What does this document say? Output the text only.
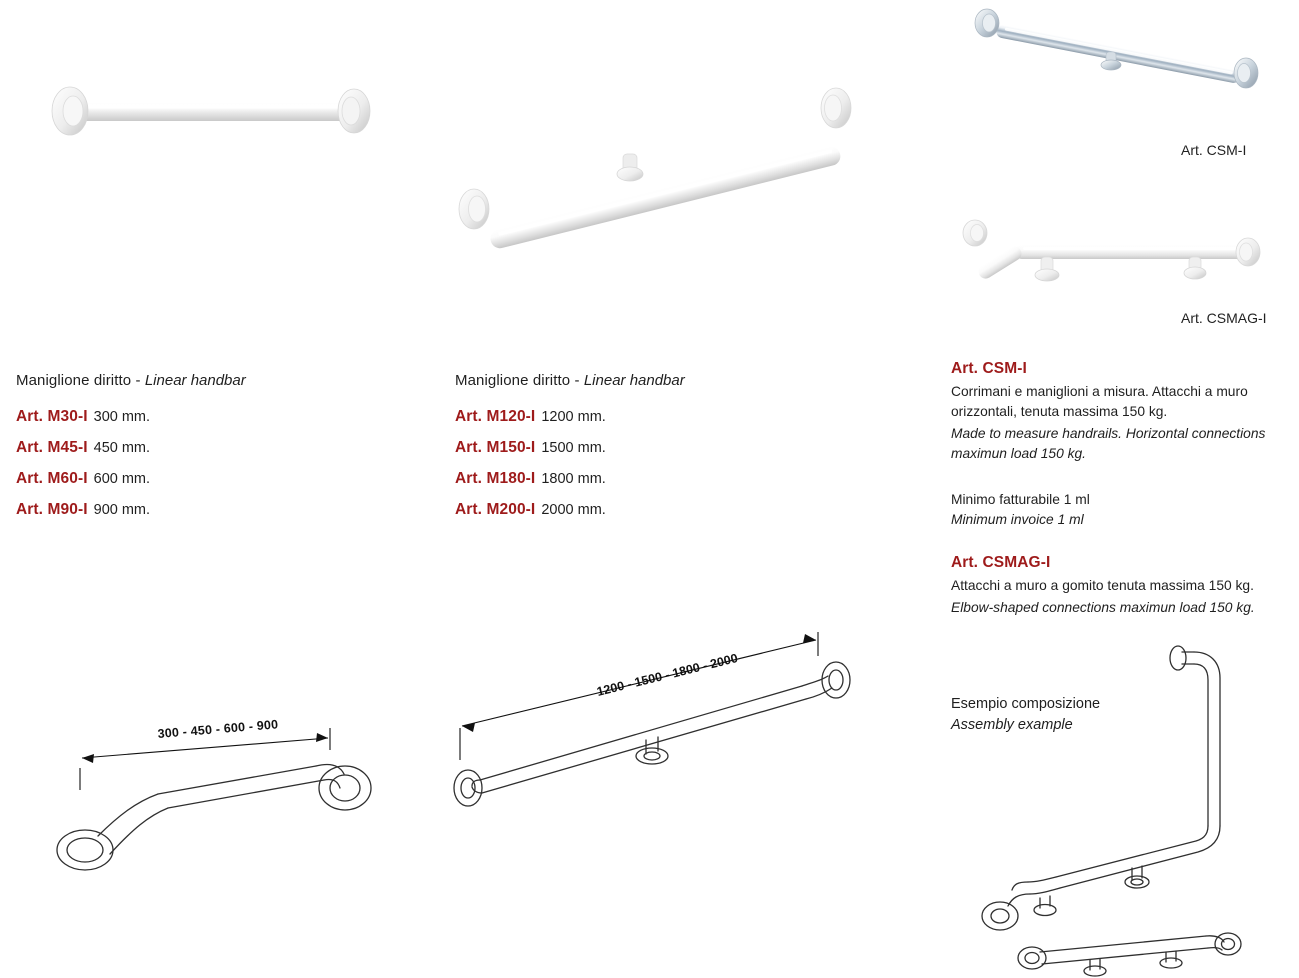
Art. CSM-I
Art. CSMAG-I
Maniglione diritto - Linear handbar
Art. M30-I 300 mm.
Art. M45-I 450 mm.
Art. M60-I 600 mm.
Art. M90-I 900 mm.
Maniglione diritto - Linear handbar
Art. M120-I 1200 mm.
Art. M150-I 1500 mm.
Art. M180-I 1800 mm.
Art. M200-I 2000 mm.
Art. CSM-I
Corrimani e maniglioni a misura. Attacchi a muro orizzontali, tenuta massima 150 kg.
Made to measure handrails. Horizontal connections maximun load 150 kg.
Minimo fatturabile 1 ml
Minimum invoice 1 ml
Art. CSMAG-I
Attacchi a muro a gomito tenuta massima 150 kg.
Elbow-shaped connections maximun load 150 kg.
300 - 450 - 600 - 900
1200 - 1500 - 1800 - 2000
Esempio composizione
Assembly example
